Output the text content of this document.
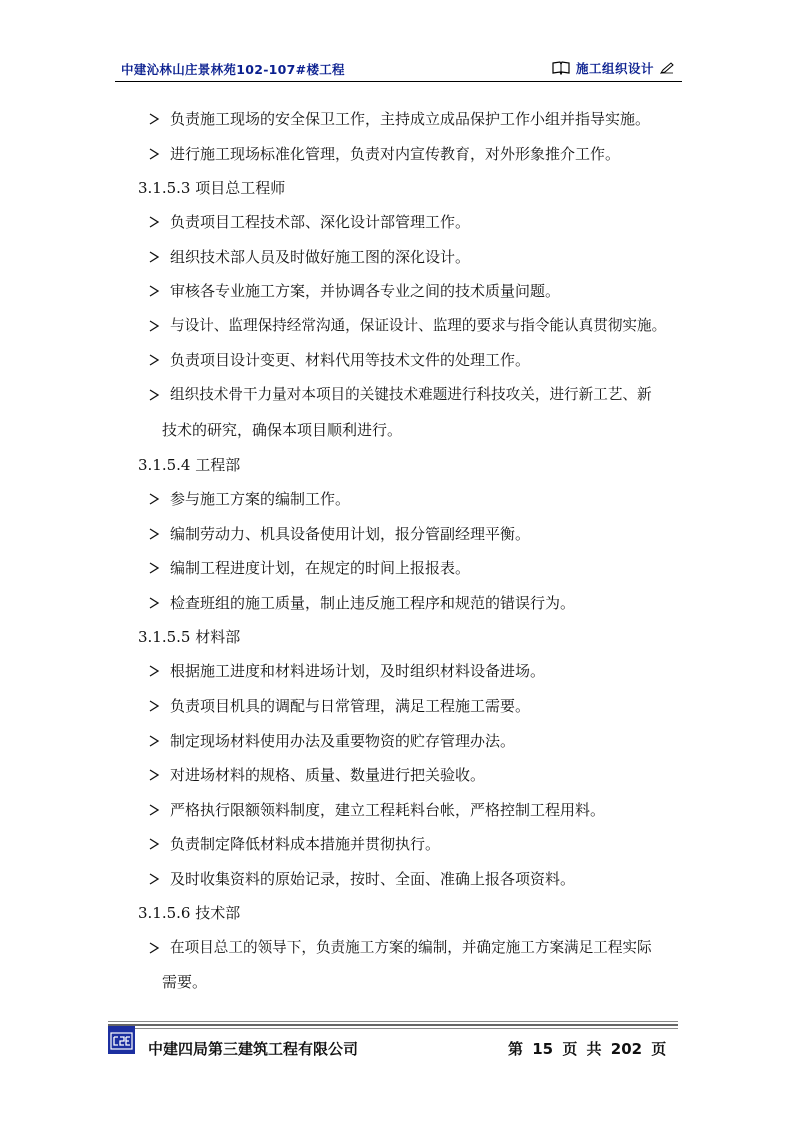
中建沁林山庄景林苑102-107#楼工程	施工组织设计
负责施工现场的安全保卫工作，主持成立成品保护工作小组并指导实施。
进行施工现场标准化管理，负责对内宣传教育，对外形象推介工作。
3.1.5.3 项目总工程师
负责项目工程技术部、深化设计部管理工作。
组织技术部人员及时做好施工图的深化设计。
审核各专业施工方案，并协调各专业之间的技术质量问题。
与设计、监理保持经常沟通，保证设计、监理的要求与指令能认真贯彻实施。
负责项目设计变更、材料代用等技术文件的处理工作。
组织技术骨干力量对本项目的关键技术难题进行科技攻关，进行新工艺、新
技术的研究，确保本项目顺利进行。
3.1.5.4 工程部
参与施工方案的编制工作。
编制劳动力、机具设备使用计划，报分管副经理平衡。
编制工程进度计划，在规定的时间上报报表。
检查班组的施工质量，制止违反施工程序和规范的错误行为。
3.1.5.5 材料部
根据施工进度和材料进场计划，及时组织材料设备进场。
负责项目机具的调配与日常管理，满足工程施工需要。
制定现场材料使用办法及重要物资的贮存管理办法。
对进场材料的规格、质量、数量进行把关验收。
严格执行限额领料制度，建立工程耗料台帐，严格控制工程用料。
负责制定降低材料成本措施并贯彻执行。
及时收集资料的原始记录，按时、全面、准确上报各项资料。
3.1.5.6 技术部
在项目总工的领导下，负责施工方案的编制，并确定施工方案满足工程实际
需要。
中建四局第三建筑工程有限公司	第 15 页 共 202 页
